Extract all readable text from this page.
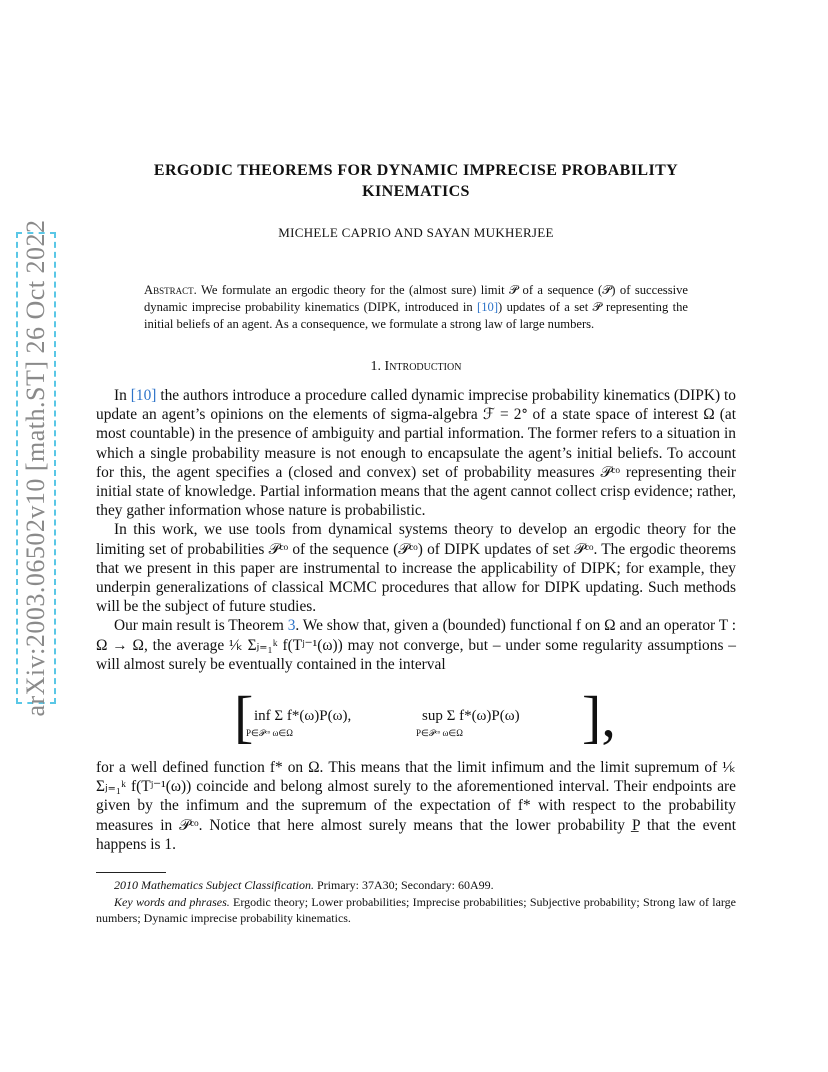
arXiv:2003.06502v10 [math.ST] 26 Oct 2022
ERGODIC THEOREMS FOR DYNAMIC IMPRECISE PROBABILITY
KINEMATICS
MICHELE CAPRIO AND SAYAN MUKHERJEE
Abstract. We formulate an ergodic theory for the (almost sure) limit 𝒫 of a sequence (𝒫) of successive dynamic imprecise probability kinematics (DIPK, introduced in [10]) updates of a set 𝒫 representing the initial beliefs of an agent. As a consequence, we formulate a strong law of large numbers.
1. Introduction
In [10] the authors introduce a procedure called dynamic imprecise probability kinematics (DIPK) to update an agent’s opinions on the elements of sigma-algebra ℱ = 2ᐤ of a state space of interest Ω (at most countable) in the presence of ambiguity and partial information. The former refers to a situation in which a single probability measure is not enough to encapsulate the agent’s initial beliefs. To account for this, the agent specifies a (closed and convex) set of probability measures 𝒫ᶜᵒ representing their initial state of knowledge. Partial information means that the agent cannot collect crisp evidence; rather, they gather information whose nature is probabilistic.
In this work, we use tools from dynamical systems theory to develop an ergodic theory for the limiting set of probabilities 𝒫ᶜᵒ of the sequence (𝒫ᶜᵒ) of DIPK updates of set 𝒫ᶜᵒ. The ergodic theorems that we present in this paper are instrumental to increase the applicability of DIPK; for example, they underpin generalizations of classical MCMC procedures that allow for DIPK updating. Such methods will be the subject of future studies.
Our main result is Theorem 3. We show that, given a (bounded) functional f on Ω and an operator T : Ω → Ω, the average ¹⁄ₖ Σⱼ₌₁ᵏ f(Tʲ⁻¹(ω)) may not converge, but – under some regularity assumptions – will almost surely be eventually contained in the interval
[ inf Σ f*(ω)P(ω),
P∈𝒫ᶜᵒ ω∈Ω
sup Σ f*(ω)P(ω)
P∈𝒫ᶜᵒ ω∈Ω ],
for a well defined function f* on Ω. This means that the limit infimum and the limit supremum of ¹⁄ₖ Σⱼ₌₁ᵏ f(Tʲ⁻¹(ω)) coincide and belong almost surely to the aforementioned interval. Their endpoints are given by the infimum and the supremum of the expectation of f* with respect to the probability measures in 𝒫ᶜᵒ. Notice that here almost surely means that the lower probability P̲ that the event happens is 1.
2010 Mathematics Subject Classification. Primary: 37A30; Secondary: 60A99.
Key words and phrases. Ergodic theory; Lower probabilities; Imprecise probabilities; Subjective probability; Strong law of large numbers; Dynamic imprecise probability kinematics.
